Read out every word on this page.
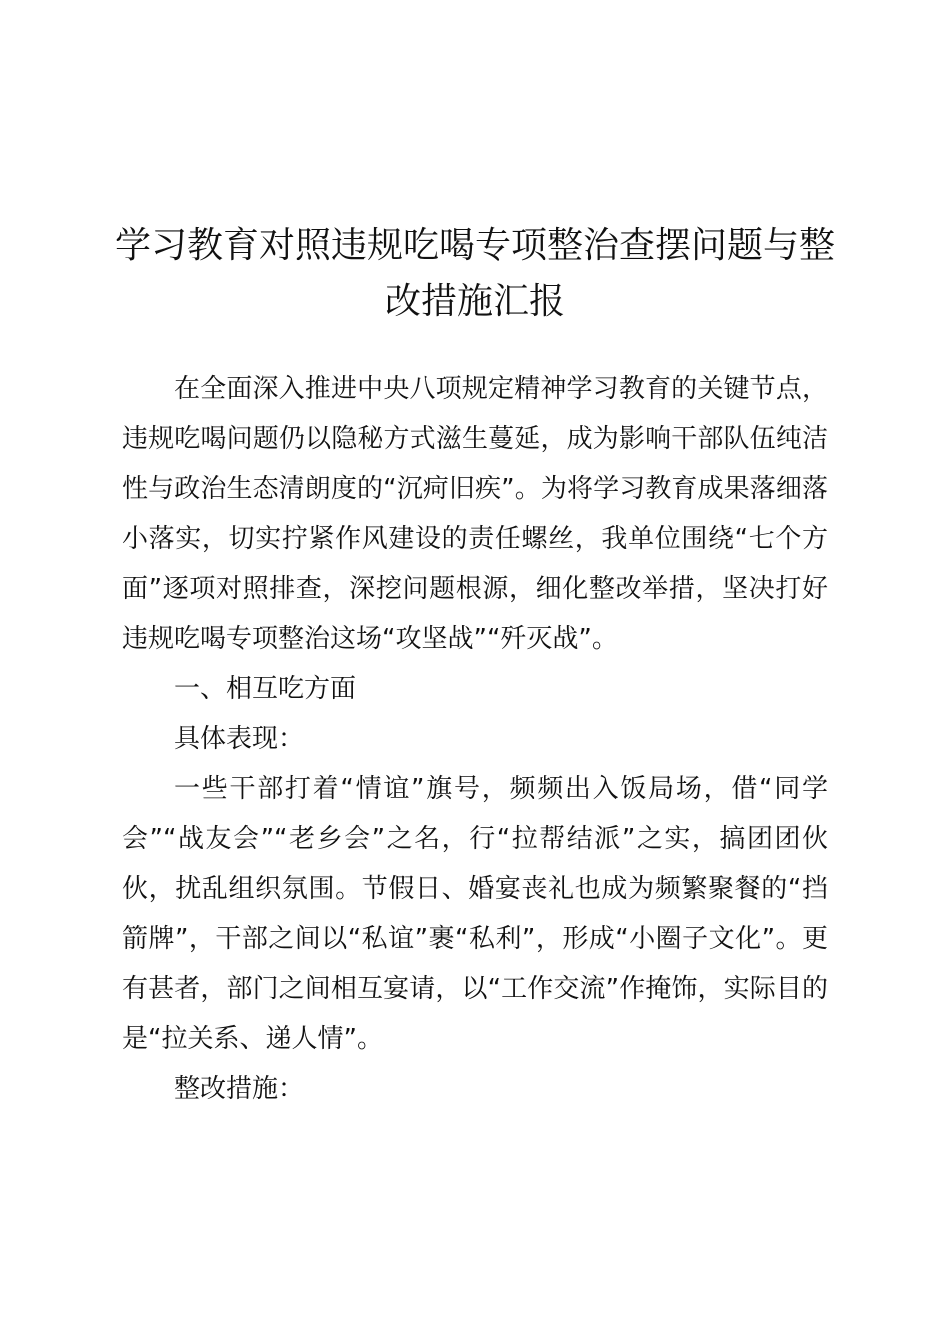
学习教育对照违规吃喝专项整治查摆问题与整改措施汇报

在全面深入推进中央八项规定精神学习教育的关键节点，违规吃喝问题仍以隐秘方式滋生蔓延，成为影响干部队伍纯洁性与政治生态清朗度的“沉疴旧疾”。为将学习教育成果落细落小落实，切实拧紧作风建设的责任螺丝，我单位围绕“七个方面”逐项对照排查，深挖问题根源，细化整改举措，坚决打好违规吃喝专项整治这场“攻坚战”“歼灭战”。

一、相互吃方面

具体表现：

一些干部打着“情谊”旗号，频频出入饭局场，借“同学会”“战友会”“老乡会”之名，行“拉帮结派”之实，搞团团伙伙，扰乱组织氛围。节假日、婚宴丧礼也成为频繁聚餐的“挡箭牌”，干部之间以“私谊”裹“私利”，形成“小圈子文化”。更有甚者，部门之间相互宴请，以“工作交流”作掩饰，实际目的是“拉关系、递人情”。

整改措施：
